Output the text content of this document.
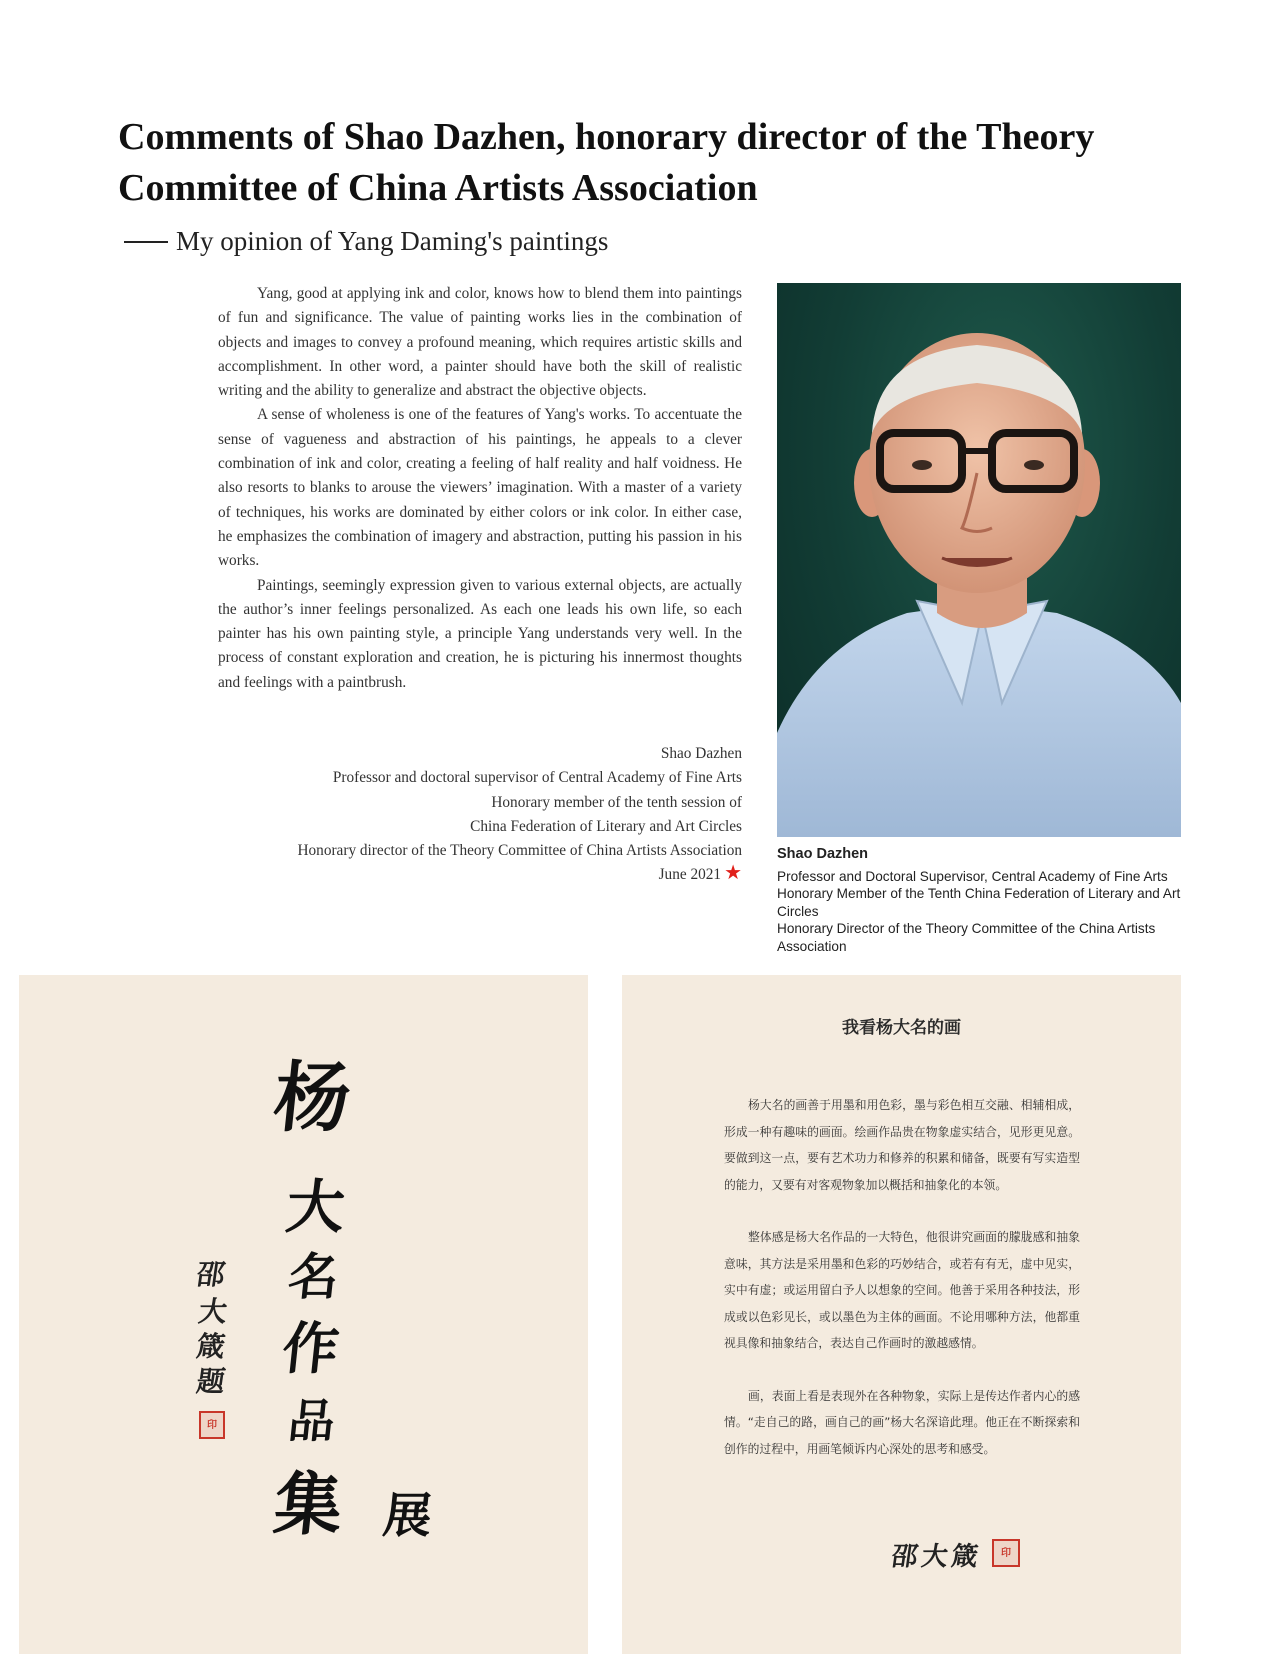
Comments of Shao Dazhen, honorary director of the Theory Committee of China Artists Association
My opinion of Yang Daming's paintings

Yang, good at applying ink and color, knows how to blend them into paintings of fun and significance. The value of painting works lies in the combination of objects and images to convey a profound meaning, which requires artistic skills and accomplishment. In other word, a painter should have both the skill of realistic writing and the ability to generalize and abstract the objective objects.

A sense of wholeness is one of the features of Yang's works. To accentuate the sense of vagueness and abstraction of his paintings, he appeals to a clever combination of ink and color, creating a feeling of half reality and half voidness. He also resorts to blanks to arouse the viewers’ imagination. With a master of a variety of techniques, his works are dominated by either colors or ink color. In either case, he emphasizes the combination of imagery and abstraction, putting his passion in his works.

Paintings, seemingly expression given to various external objects, are actually the author’s inner feelings personalized. As each one leads his own life, so each painter has his own painting style, a principle Yang understands very well. In the process of constant exploration and creation, he is picturing his innermost thoughts and feelings with a paintbrush.

Shao Dazhen
Professor and doctoral supervisor of Central Academy of Fine Arts
Honorary member of the tenth session of
China Federation of Literary and Art Circles
Honorary director of the Theory Committee of China Artists Association
June 2021 ★
Shao Dazhen
Professor and Doctoral Supervisor, Central Academy of Fine Arts
Honorary Member of the Tenth China Federation of Literary and Art Circles
Honorary Director of the Theory Committee of the China Artists Association
杨
大
名
作
品
集 展
邵
大
箴
题
印
我看杨大名的画

杨大名的画善于用墨和用色彩，墨与彩色相互交融、相辅相成，形成一种有趣味的画面。绘画作品贵在物象虚实结合，见形更见意。要做到这一点，要有艺术功力和修养的积累和储备，既要有写实造型的能力，又要有对客观物象加以概括和抽象化的本领。

整体感是杨大名作品的一大特色，他很讲究画面的朦胧感和抽象意味，其方法是采用墨和色彩的巧妙结合，或若有有无，虚中见实，实中有虚；或运用留白予人以想象的空间。他善于采用各种技法，形成或以色彩见长，或以墨色为主体的画面。不论用哪种方法，他都重视具像和抽象结合，表达自己作画时的激越感情。

画，表面上看是表现外在各种物象，实际上是传达作者内心的感情。“走自己的路，画自己的画”杨大名深谙此理。他正在不断探索和创作的过程中，用画笔倾诉内心深处的思考和感受。

邵大箴 印
